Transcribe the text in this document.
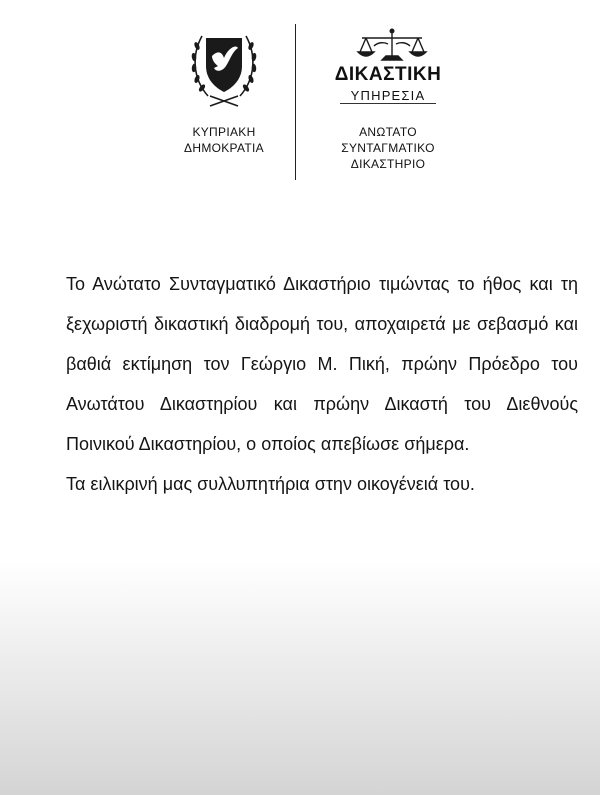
ΚΥΠΡΙΑΚΗ
ΔΗΜΟΚΡΑΤΙΑ
ΔΙΚΑΣΤΙΚΗ
ΥΠΗΡΕΣΙΑ
ΑΝΩΤΑΤΟ
ΣΥΝΤΑΓΜΑΤΙΚΟ
ΔΙΚΑΣΤΗΡΙΟ

Το Ανώτατο Συνταγματικό Δικαστήριο τιμώντας το ήθος και τη ξεχωριστή δικαστική διαδρομή του, αποχαιρετά με σεβασμό και βαθιά εκτίμηση τον Γεώργιο Μ. Πική, πρώην Πρόεδρο του Ανωτάτου Δικαστηρίου και πρώην Δικαστή του Διεθνούς Ποινικού Δικαστηρίου, ο οποίος απεβίωσε σήμερα.

Τα ειλικρινή μας συλλυπητήρια στην οικογένειά του.
